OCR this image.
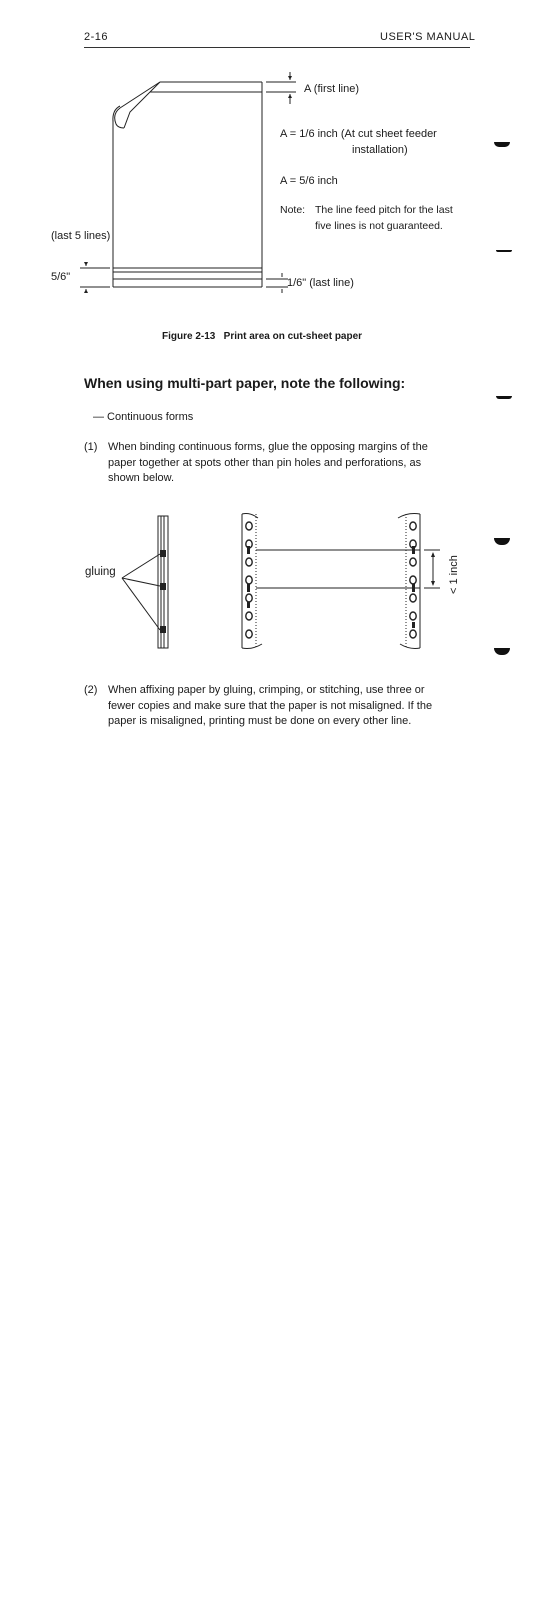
2-16	USER'S MANUAL
A (first line)
A = 1/6 inch (At cut sheet feeder
installation)
A = 5/6 inch
Note: The line feed pitch for the last
five lines is not guaranteed.
(last 5 lines)
5/6"	1/6" (last line)
Figure 2-13   Print area on cut-sheet paper
When using multi-part paper, note the following:
— Continuous forms
(1) When binding continuous forms, glue the opposing margins of the
paper together at spots other than pin holes and perforations, as
shown below.
gluing	< 1 inch
(2) When affixing paper by gluing, crimping, or stitching, use three or
fewer copies and make sure that the paper is not misaligned. If the
paper is misaligned, printing must be done on every other line.
